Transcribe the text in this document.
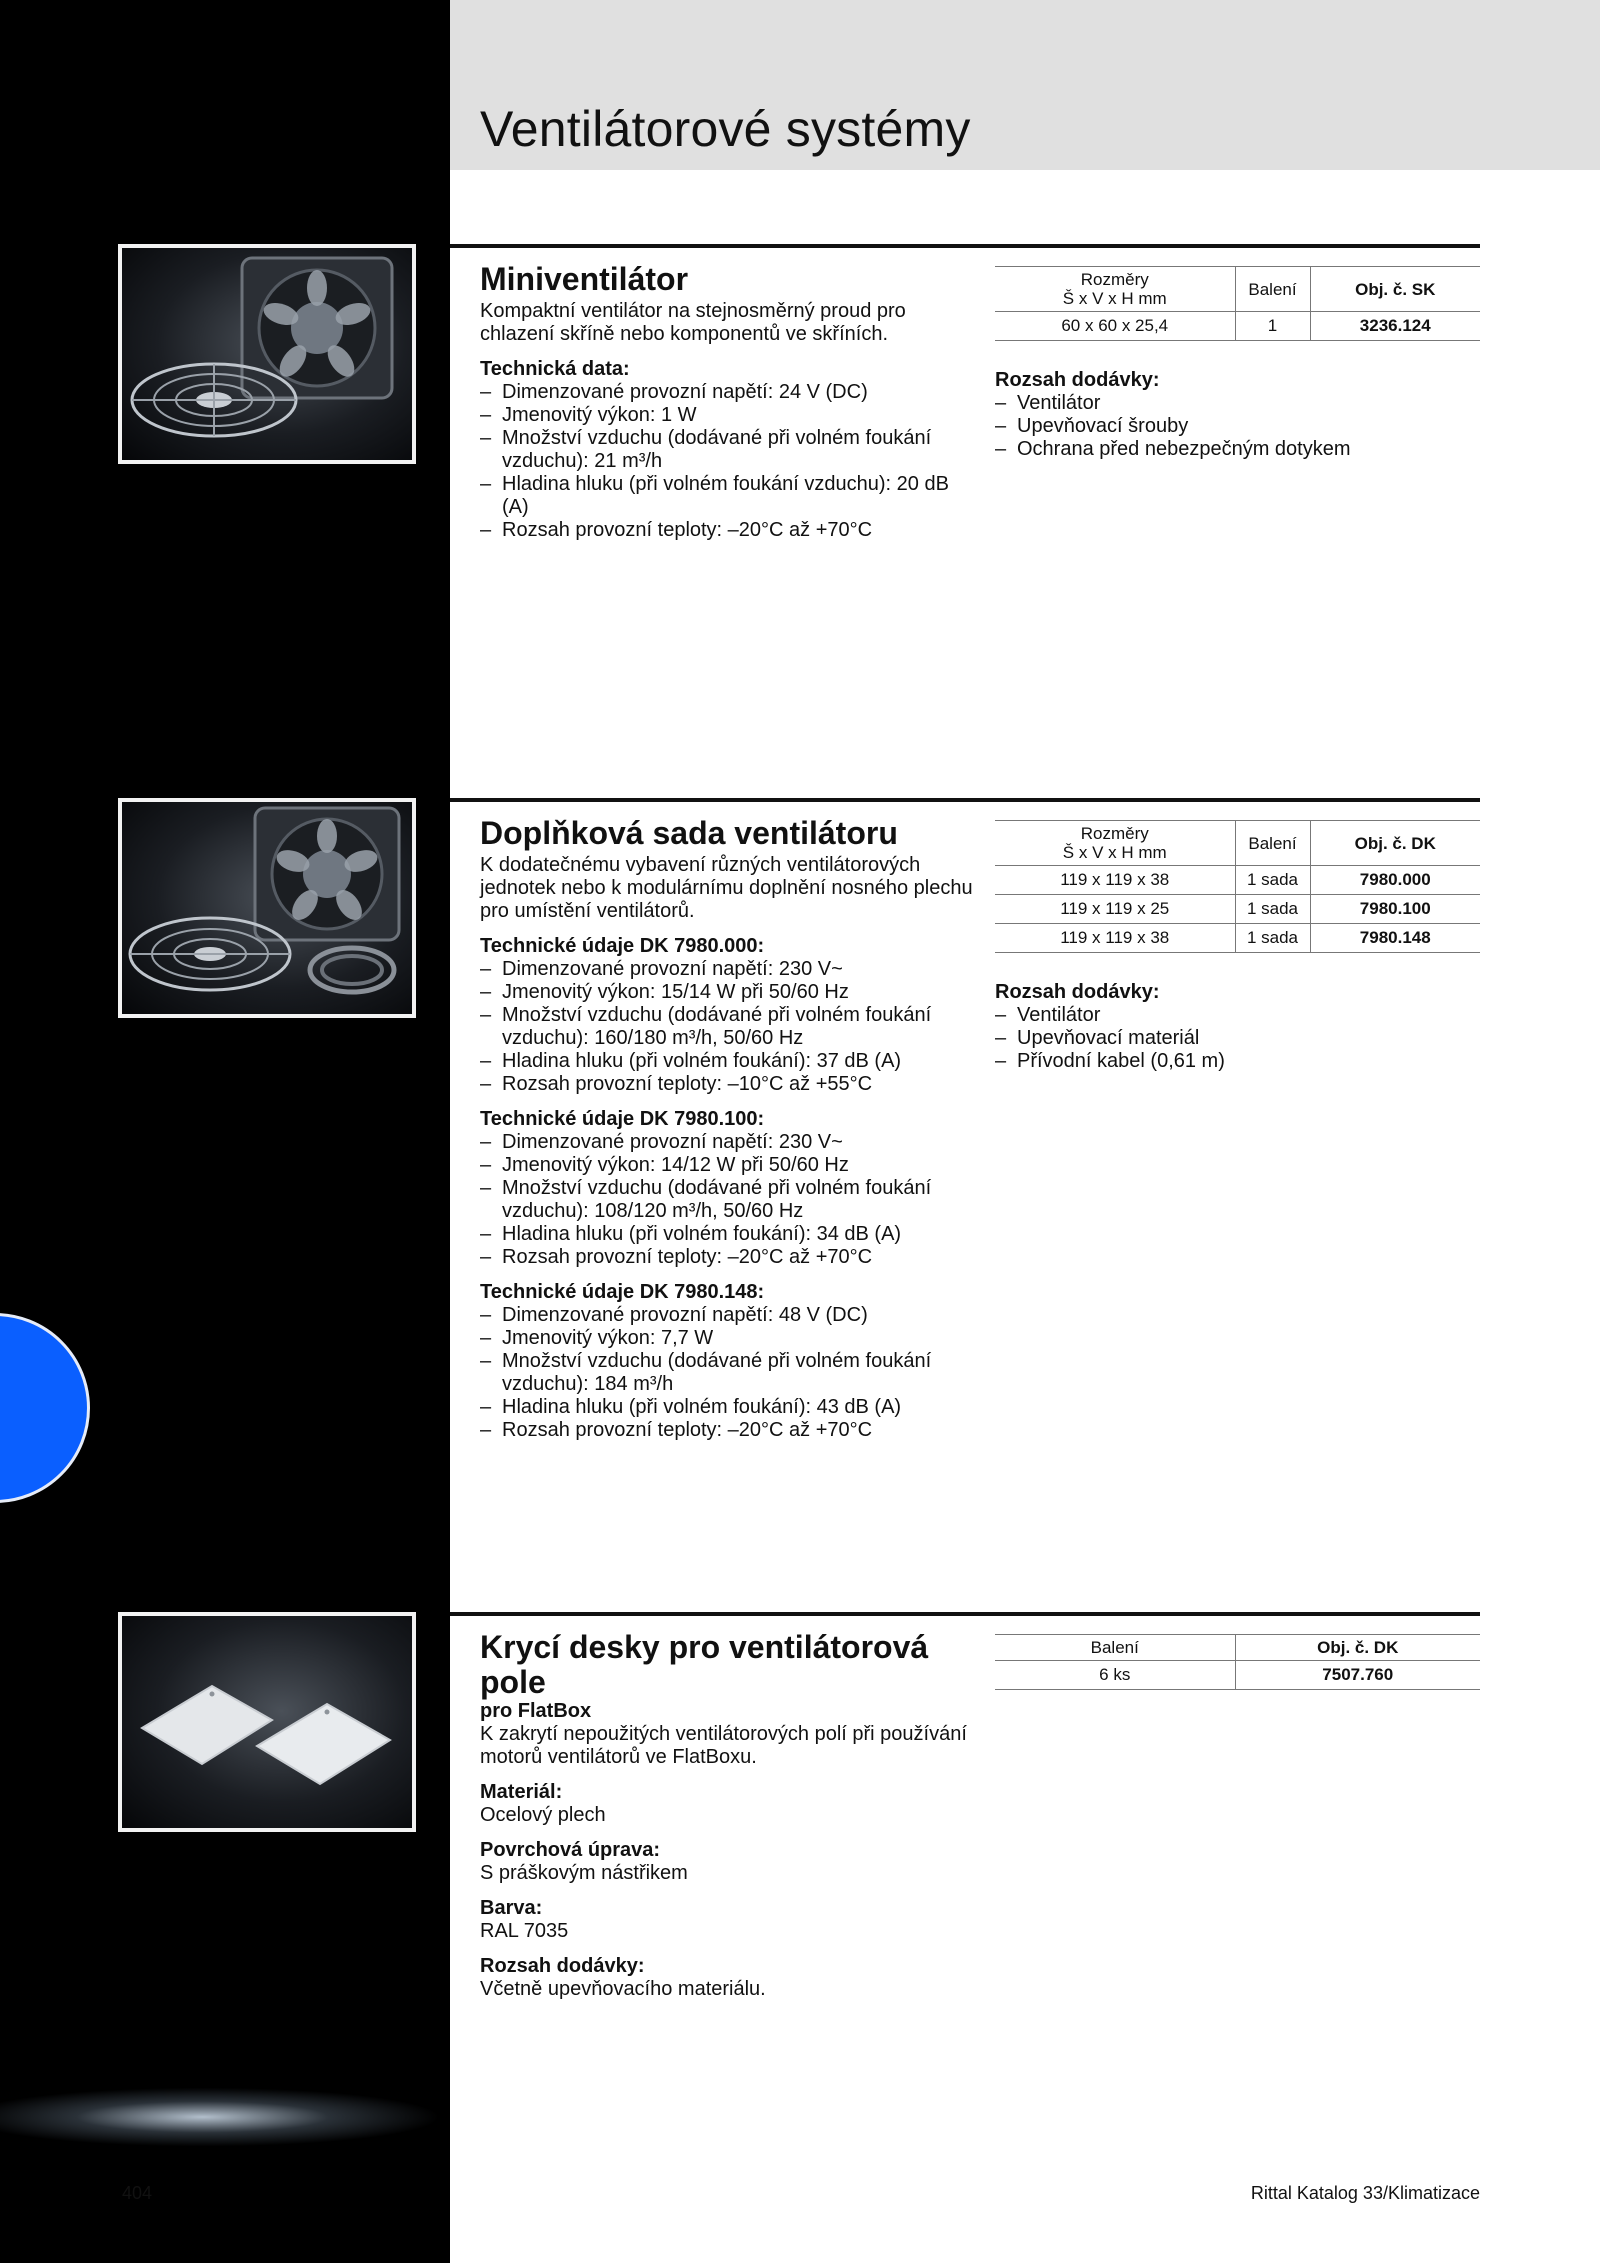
Ventilátorové systémy
Miniventilátor

Kompaktní ventilátor na stejnosměrný proud pro chlazení skříně nebo komponentů ve skříních.

Technická data:

– Dimenzované provozní napětí: 24 V (DC)
– Jmenovitý výkon: 1 W
– Množství vzduchu (dodávané při volném foukání vzduchu): 21 m³/h
– Hladina hluku (při volném foukání vzduchu): 20 dB (A)
– Rozsah provozní teploty: –20°C až +70°C
Rozměry
Š x V x H mm	Balení	Obj. č. SK
60 x 60 x 25,4	1	3236.124

Rozsah dodávky:

– Ventilátor
– Upevňovací šrouby
– Ochrana před nebezpečným dotykem
Doplňková sada ventilátoru

K dodatečnému vybavení různých ventilátorových jednotek nebo k modulárnímu doplnění nosného plechu pro umístění ventilátorů.

Technické údaje DK 7980.000:

– Dimenzované provozní napětí: 230 V~
– Jmenovitý výkon: 15/14 W při 50/60 Hz
– Množství vzduchu (dodávané při volném foukání vzduchu): 160/180 m³/h, 50/60 Hz
– Hladina hluku (při volném foukání): 37 dB (A)
– Rozsah provozní teploty: –10°C až +55°C

Technické údaje DK 7980.100:

– Dimenzované provozní napětí: 230 V~
– Jmenovitý výkon: 14/12 W při 50/60 Hz
– Množství vzduchu (dodávané při volném foukání vzduchu): 108/120 m³/h, 50/60 Hz
– Hladina hluku (při volném foukání): 34 dB (A)
– Rozsah provozní teploty: –20°C až +70°C

Technické údaje DK 7980.148:

– Dimenzované provozní napětí: 48 V (DC)
– Jmenovitý výkon: 7,7 W
– Množství vzduchu (dodávané při volném foukání vzduchu): 184 m³/h
– Hladina hluku (při volném foukání): 43 dB (A)
– Rozsah provozní teploty: –20°C až +70°C
Rozměry
Š x V x H mm	Balení	Obj. č. DK
119 x 119 x 38	1 sada	7980.000
119 x 119 x 25	1 sada	7980.100
119 x 119 x 38	1 sada	7980.148

Rozsah dodávky:

– Ventilátor
– Upevňovací materiál
– Přívodní kabel (0,61 m)
Krycí desky pro ventilátorová pole

pro FlatBox

K zakrytí nepoužitých ventilátorových polí při používání motorů ventilátorů ve FlatBoxu.

Materiál:

Ocelový plech

Povrchová úprava:

S práškovým nástřikem

Barva:

RAL 7035

Rozsah dodávky:

Včetně upevňovacího materiálu.

Balení	Obj. č. DK
6 ks	7507.760
404	Rittal Katalog 33/Klimatizace
